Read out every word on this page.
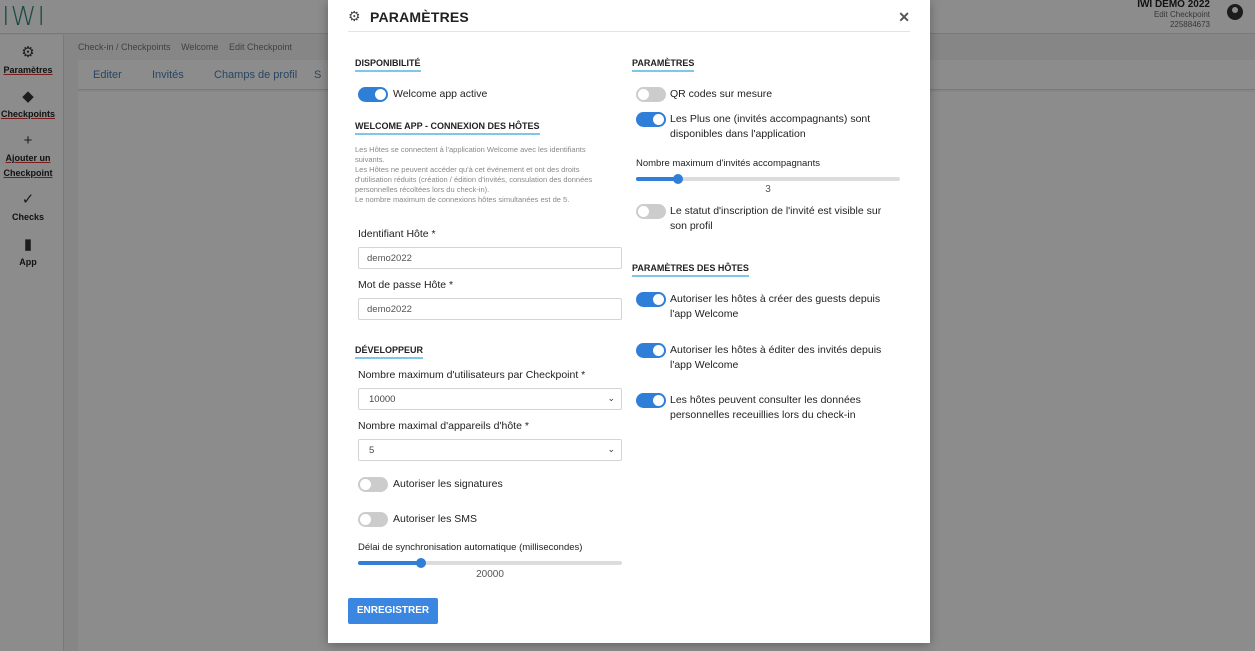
IWI	IWI DEMO 2022
Edit Checkpoint
225884673
⚙
Paramètres
◆
Checkpoints
+
Ajouter un Checkpoint
✓
Checks
▮
App
Check-in / Checkpoints Welcome Edit Checkpoint
Editer	Invités	Champs de profil S
⚙ PARAMÈTRES	✕
DISPONIBILITÉ
Welcome app active
WELCOME APP - CONNEXION DES HÔTES
Les Hôtes se connectent à l'application Welcome avec les identifiants suivants.
Les Hôtes ne peuvent accéder qu'à cet événement et ont des droits d'utilisation réduits (création / édition d'invités, consulation des données personnelles récoltées lors du check-in).
Le nombre maximum de connexions hôtes simultanées est de 5.
Identifiant Hôte *
demo2022
Mot de passe Hôte *
demo2022
DÉVELOPPEUR
Nombre maximum d'utilisateurs par Checkpoint *
10000	⌄
Nombre maximal d'appareils d'hôte *
5	⌄
Autoriser les signatures
Autoriser les SMS
Délai de synchronisation automatique (millisecondes)
20000
PARAMÈTRES
QR codes sur mesure
Les Plus one (invités accompagnants) sont disponibles dans l'application
Nombre maximum d'invités accompagnants
3
Le statut d'inscription de l'invité est visible sur son profil
PARAMÈTRES DES HÔTES
Autoriser les hôtes à créer des guests depuis l'app Welcome
Autoriser les hôtes à éditer des invités depuis l'app Welcome
Les hôtes peuvent consulter les données personnelles receuillies lors du check-in
ENREGISTRER
